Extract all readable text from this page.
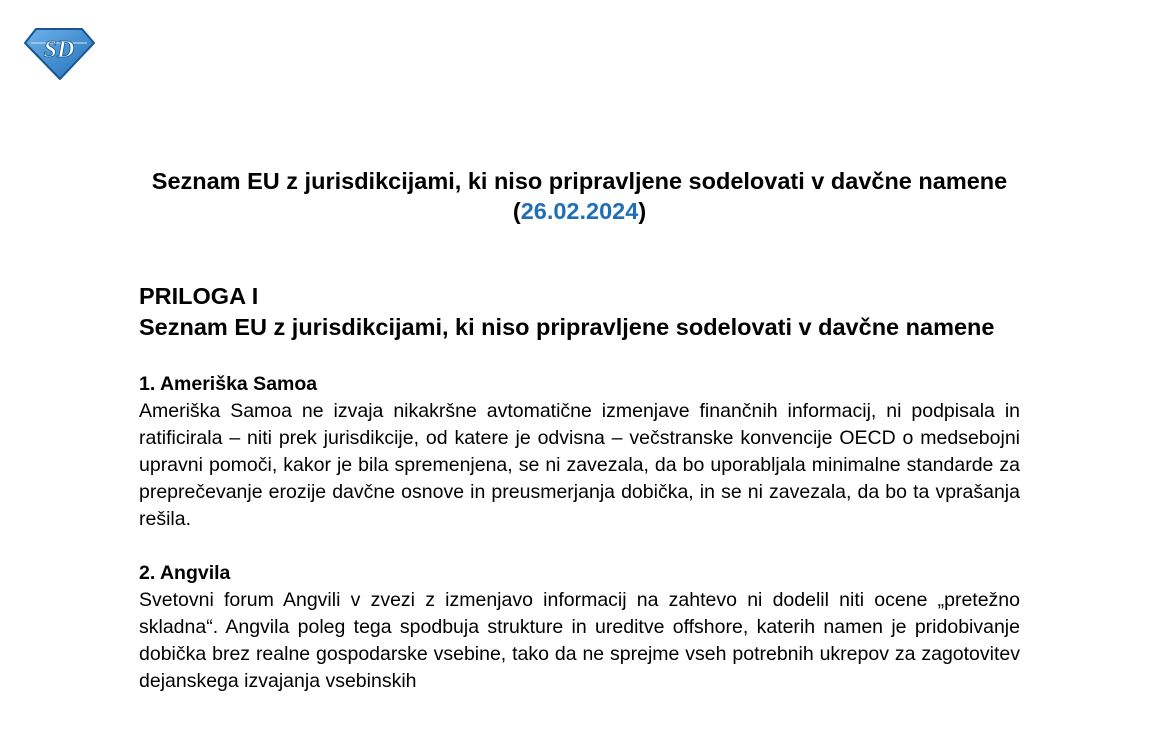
SD

Seznam EU z jurisdikcijami, ki niso pripravljene sodelovati v davčne namene

(26.02.2024)

PRILOGA I

Seznam EU z jurisdikcijami, ki niso pripravljene sodelovati v davčne namene

1. Ameriška Samoa

Ameriška Samoa ne izvaja nikakršne avtomatične izmenjave finančnih informacij, ni podpisala in ratificirala – niti prek jurisdikcije, od katere je odvisna – večstranske konvencije OECD o medsebojni upravni pomoči, kakor je bila spremenjena, se ni zavezala, da bo uporabljala minimalne standarde za preprečevanje erozije davčne osnove in preusmerjanja dobička, in se ni zavezala, da bo ta vprašanja rešila.

2. Angvila

Svetovni forum Angvili v zvezi z izmenjavo informacij na zahtevo ni dodelil niti ocene „pretežno skladna“. Angvila poleg tega spodbuja strukture in ureditve offshore, katerih namen je pridobivanje dobička brez realne gospodarske vsebine, tako da ne sprejme vseh potrebnih ukrepov za zagotovitev dejanskega izvajanja vsebinskih
